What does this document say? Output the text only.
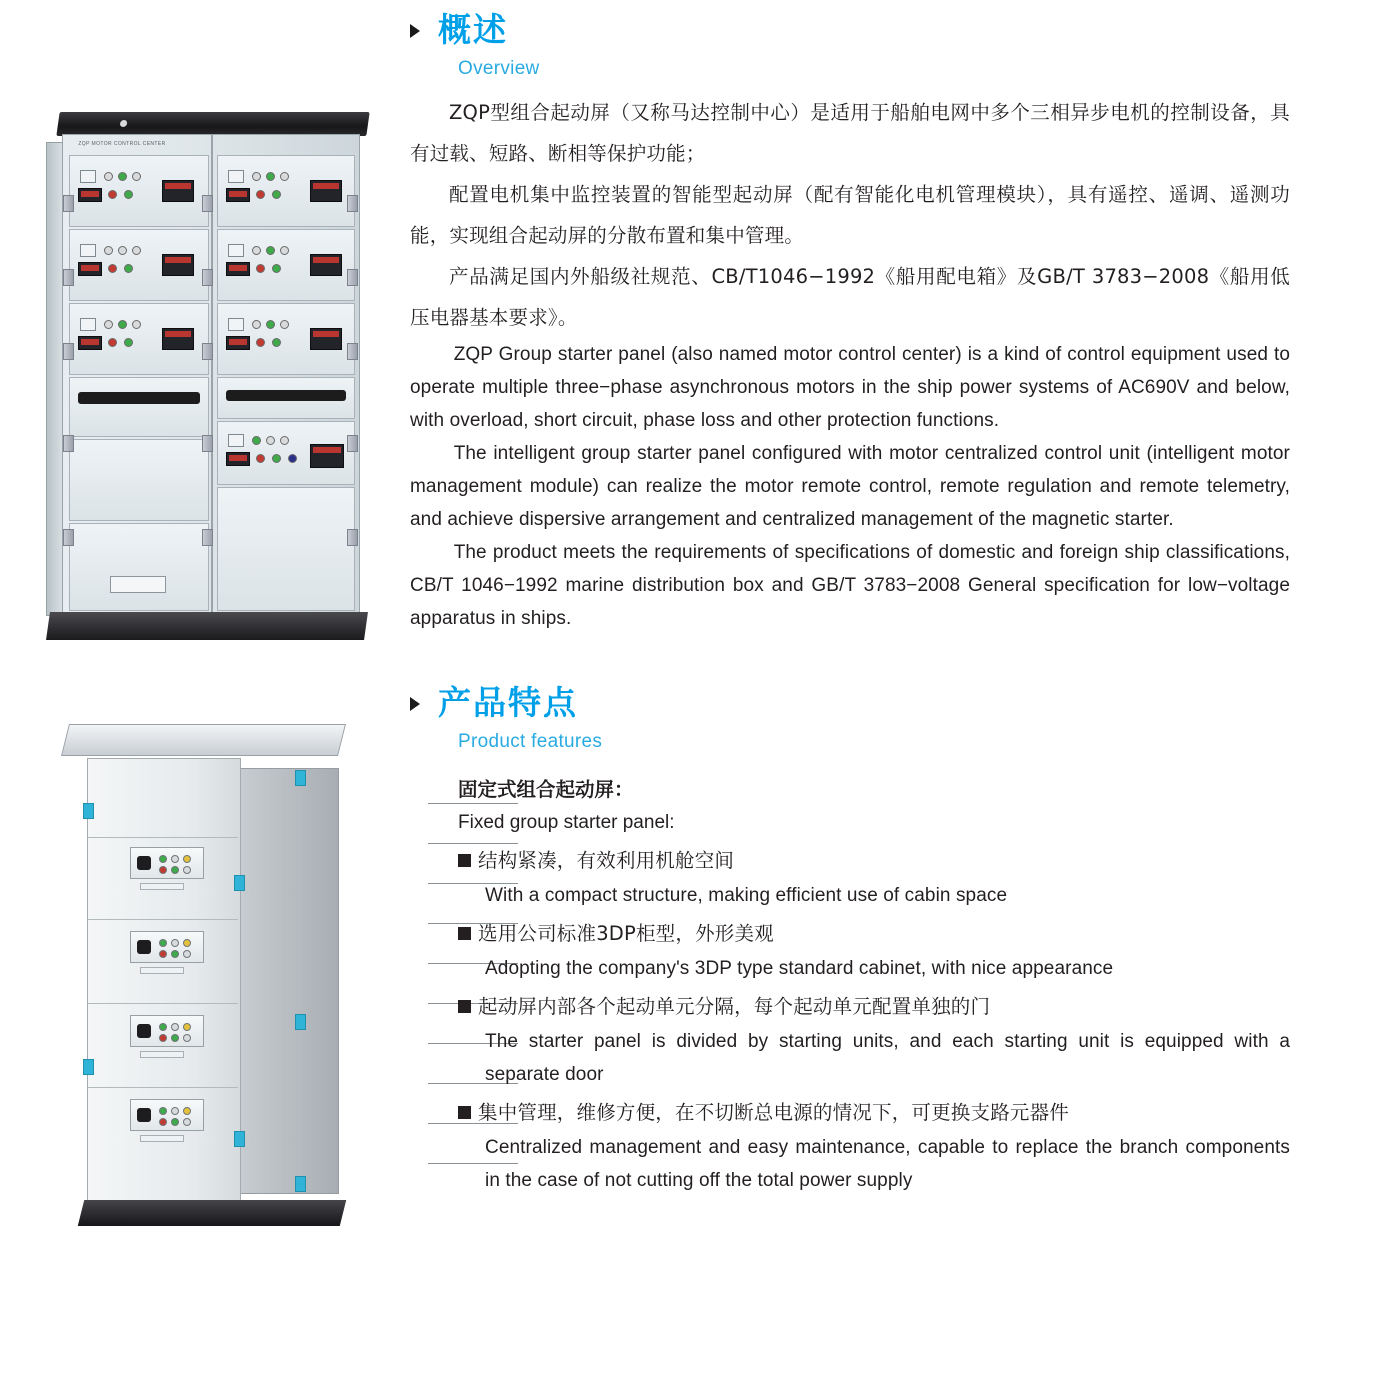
ZQP MOTOR CONTROL CENTER
概述
Overview

ZQP型组合起动屏（又称马达控制中心）是适用于船舶电网中多个三相异步电机的控制设备，具有过载、短路、断相等保护功能；

配置电机集中监控装置的智能型起动屏（配有智能化电机管理模块），具有遥控、遥调、遥测功能，实现组合起动屏的分散布置和集中管理。

产品满足国内外船级社规范、CB/T1046−1992《船用配电箱》及GB/T 3783−2008《船用低压电器基本要求》。

ZQP Group starter panel (also named motor control center) is a kind of control equipment used to operate multiple three−phase asynchronous motors in the ship power systems of AC690V and below, with overload, short circuit, phase loss and other protection functions.

The intelligent group starter panel configured with motor centralized control unit (intelligent motor management module) can realize the motor remote control, remote regulation and remote telemetry, and achieve dispersive arrangement and centralized management of the magnetic starter.

The product meets the requirements of specifications of domestic and foreign ship classifications, CB/T 1046−1992 marine distribution box and GB/T 3783−2008 General specification for low−voltage apparatus in ships.

产品特点
Product features

固定式组合起动屏：

Fixed group starter panel:

结构紧凑，有效利用机舱空间

With a compact structure, making efficient use of cabin space

选用公司标准3DP柜型，外形美观

Adopting the company's 3DP type standard cabinet, with nice appearance

起动屏内部各个起动单元分隔，每个起动单元配置单独的门

The starter panel is divided by starting units, and each starting unit is equipped with a separate door

集中管理，维修方便，在不切断总电源的情况下，可更换支路元器件

Centralized management and easy maintenance, capable to replace the branch components in the case of not cutting off the total power supply
